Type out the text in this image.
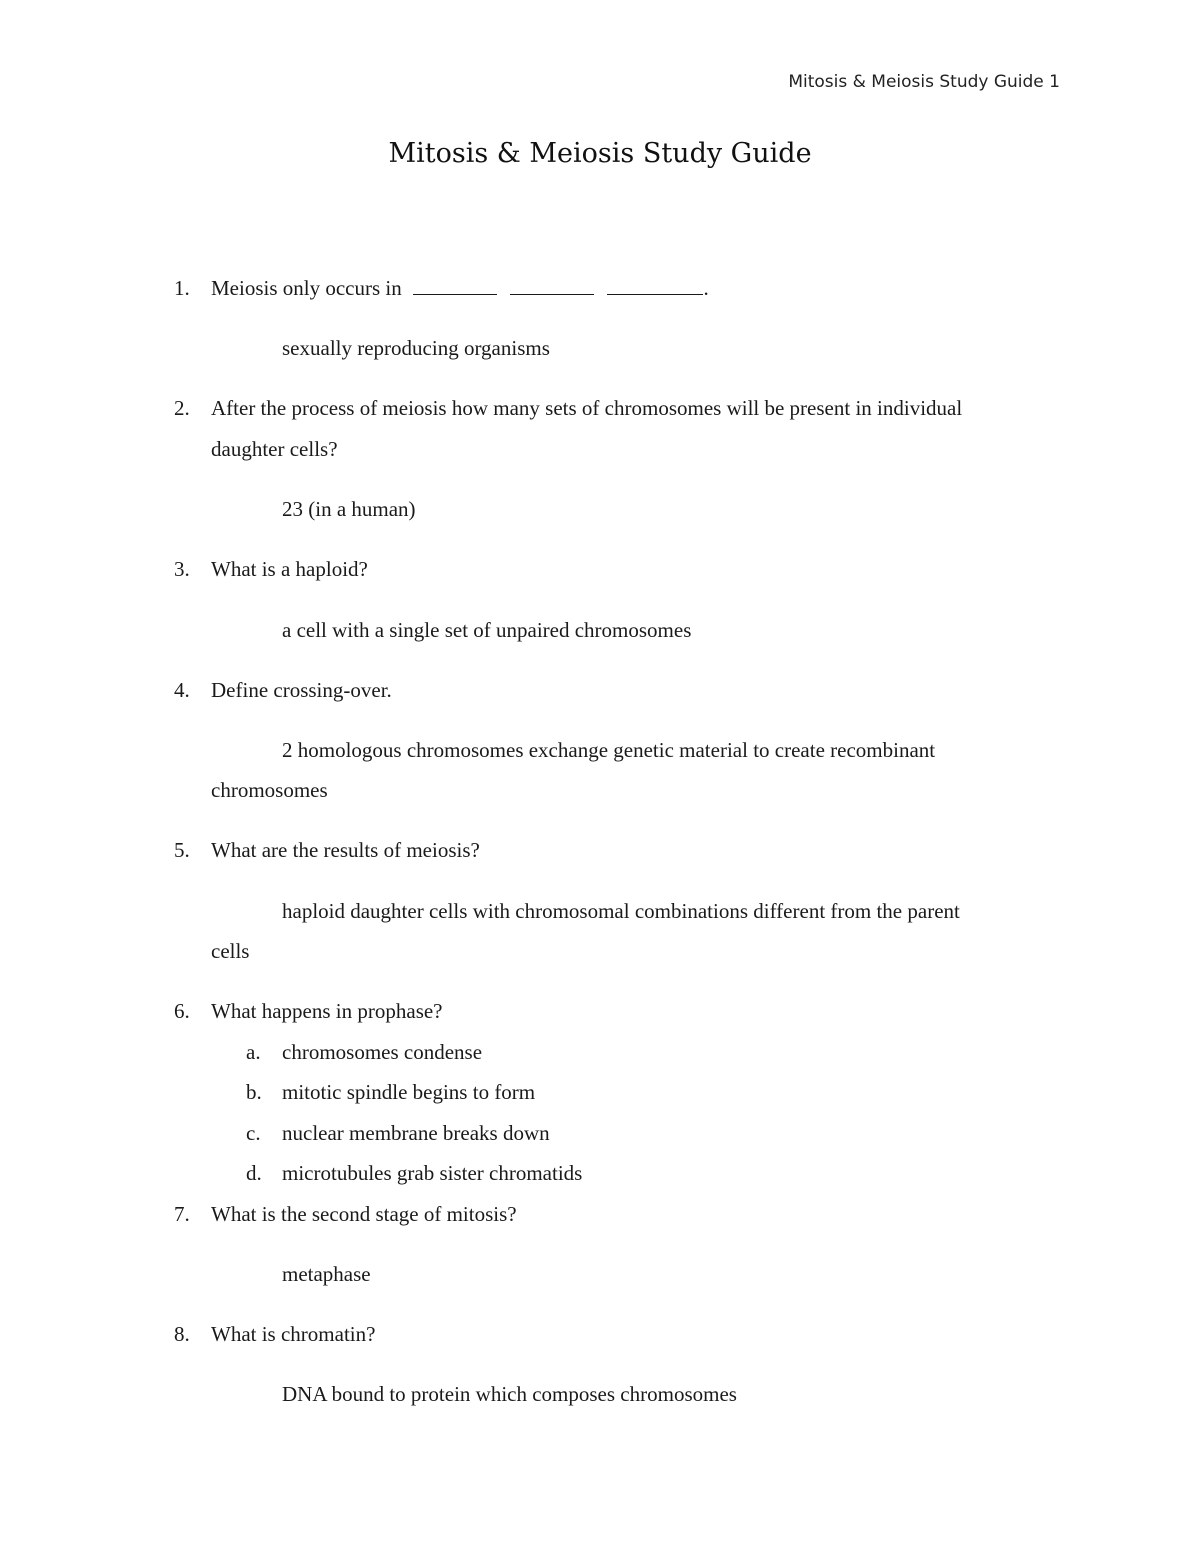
Mitosis & Meiosis Study Guide 1
Mitosis & Meiosis Study Guide
1. Meiosis only occurs in	.
sexually reproducing organisms
2. After the process of meiosis how many sets of chromosomes will be present in individual
daughter cells?
23 (in a human)
3. What is a haploid?
a cell with a single set of unpaired chromosomes
4. Define crossing-over.
2 homologous chromosomes exchange genetic material to create recombinant
chromosomes
5. What are the results of meiosis?
haploid daughter cells with chromosomal combinations different from the parent
cells
6. What happens in prophase?
a. chromosomes condense
b. mitotic spindle begins to form
c. nuclear membrane breaks down
d. microtubules grab sister chromatids
7. What is the second stage of mitosis?
metaphase
8. What is chromatin?
DNA bound to protein which composes chromosomes
